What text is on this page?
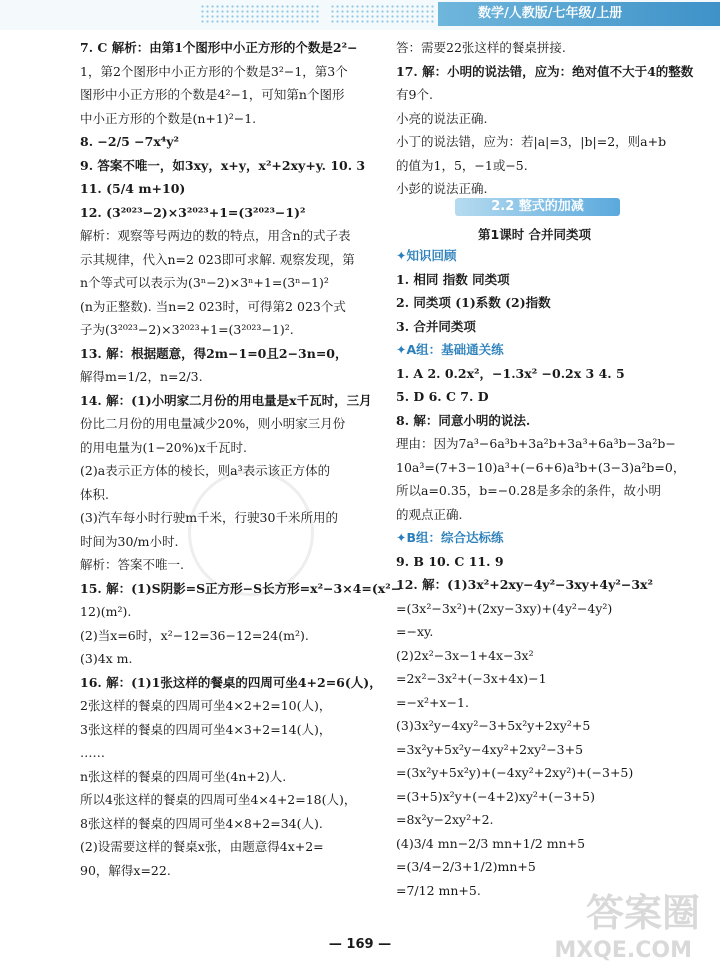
数学/人教版/七年级/上册

7. C 解析：由第1个图形中小正方形的个数是2²−

1，第2个图形中小正方形的个数是3²−1，第3个

图形中小正方形的个数是4²−1，可知第n个图形

中小正方形的个数是(n+1)²−1.

8. −2/5 −7x⁴y²

9. 答案不唯一，如3xy，x+y，x²+2xy+y. 10. 3

11. (5/4 m+10)

12. (3²⁰²³−2)×3²⁰²³+1=(3²⁰²³−1)²

解析：观察等号两边的数的特点，用含n的式子表

示其规律，代入n=2 023即可求解. 观察发现，第

n个等式可以表示为(3ⁿ−2)×3ⁿ+1=(3ⁿ−1)²

(n为正整数). 当n=2 023时，可得第2 023个式

子为(3²⁰²³−2)×3²⁰²³+1=(3²⁰²³−1)².

13. 解：根据题意，得2m−1=0且2−3n=0，

解得m=1/2，n=2/3.

14. 解：(1)小明家二月份的用电量是x千瓦时，三月

份比二月份的用电量减少20%，则小明家三月份

的用电量为(1−20%)x千瓦时.

(2)a表示正方体的棱长，则a³表示该正方体的

体积.

(3)汽车每小时行驶m千米，行驶30千米所用的

时间为30/m小时.

解析：答案不唯一.

15. 解：(1)S阴影=S正方形−S长方形=x²−3×4=(x²−

12)(m²).

(2)当x=6时，x²−12=36−12=24(m²).

(3)4x m.

16. 解：(1)1张这样的餐桌的四周可坐4+2=6(人)，

2张这样的餐桌的四周可坐4×2+2=10(人)，

3张这样的餐桌的四周可坐4×3+2=14(人)，

……

n张这样的餐桌的四周可坐(4n+2)人.

所以4张这样的餐桌的四周可坐4×4+2=18(人)，

8张这样的餐桌的四周可坐4×8+2=34(人).

(2)设需要这样的餐桌x张，由题意得4x+2=

90，解得x=22.

答：需要22张这样的餐桌拼接.

17. 解：小明的说法错，应为：绝对值不大于4的整数

有9个.

小亮的说法正确.

小丁的说法错，应为：若|a|=3，|b|=2，则a+b

的值为1，5，−1或−5.

小彭的说法正确.

2.2 整式的加减
第1课时 合并同类项

✦知识回顾

1. 相同 指数 同类项

2. 同类项 (1)系数 (2)指数

3. 合并同类项

✦A组：基础通关练

1. A 2. 0.2x²，−1.3x² −0.2x 3 4. 5

5. D 6. C 7. D

8. 解：同意小明的说法.

理由：因为7a³−6a³b+3a²b+3a³+6a³b−3a²b−

10a³=(7+3−10)a³+(−6+6)a³b+(3−3)a²b=0，

所以a=0.35，b=−0.28是多余的条件，故小明

的观点正确.

✦B组：综合达标练

9. B 10. C 11. 9

12. 解：(1)3x²+2xy−4y²−3xy+4y²−3x²

=(3x²−3x²)+(2xy−3xy)+(4y²−4y²)

=−xy.

(2)2x²−3x−1+4x−3x²

=2x²−3x²+(−3x+4x)−1

=−x²+x−1.

(3)3x²y−4xy²−3+5x²y+2xy²+5

=3x²y+5x²y−4xy²+2xy²−3+5

=(3x²y+5x²y)+(−4xy²+2xy²)+(−3+5)

=(3+5)x²y+(−4+2)xy²+(−3+5)

=8x²y−2xy²+2.

(4)3/4 mn−2/3 mn+1/2 mn+5

=(3/4−2/3+1/2)mn+5

=7/12 mn+5.

— 169 —
答案圈
MXQE.COM
